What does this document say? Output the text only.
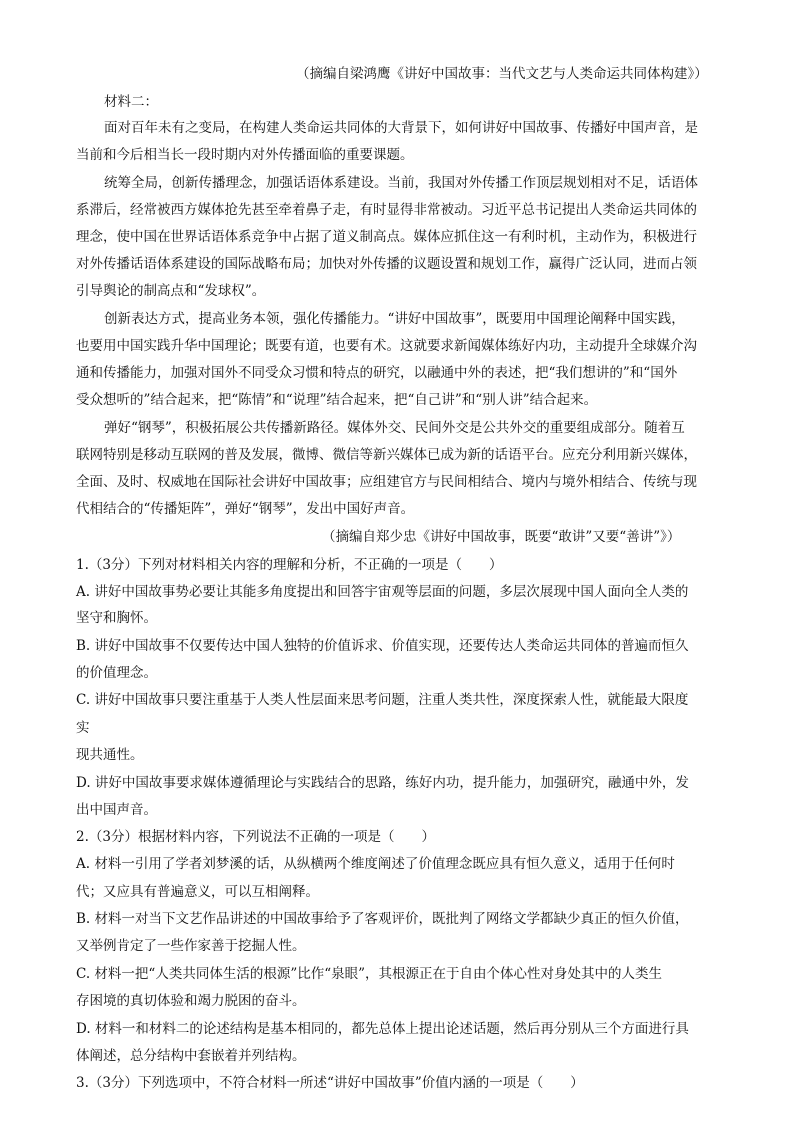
（摘编自梁鸿鹰《讲好中国故事：当代文艺与人类命运共同体构建》）
材料二：
面对百年未有之变局，在构建人类命运共同体的大背景下，如何讲好中国故事、传播好中国声音，是
当前和今后相当长一段时期内对外传播面临的重要课题。
统筹全局，创新传播理念，加强话语体系建设。当前，我国对外传播工作顶层规划相对不足，话语体
系滞后，经常被西方媒体抢先甚至牵着鼻子走，有时显得非常被动。习近平总书记提出人类命运共同体的
理念，使中国在世界话语体系竞争中占据了道义制高点。媒体应抓住这一有利时机，主动作为，积极进行
对外传播话语体系建设的国际战略布局；加快对外传播的议题设置和规划工作，赢得广泛认同，进而占领
引导舆论的制高点和“发球权”。
创新表达方式，提高业务本领，强化传播能力。“讲好中国故事”，既要用中国理论阐释中国实践，
也要用中国实践升华中国理论；既要有道，也要有术。这就要求新闻媒体练好内功，主动提升全球媒介沟
通和传播能力，加强对国外不同受众习惯和特点的研究，以融通中外的表述，把“我们想讲的”和“国外
受众想听的”结合起来，把“陈情”和“说理”结合起来，把“自己讲”和“别人讲”结合起来。
弹好“钢琴”，积极拓展公共传播新路径。媒体外交、民间外交是公共外交的重要组成部分。随着互
联网特别是移动互联网的普及发展，微博、微信等新兴媒体已成为新的话语平台。应充分利用新兴媒体，
全面、及时、权威地在国际社会讲好中国故事；应组建官方与民间相结合、境内与境外相结合、传统与现
代相结合的“传播矩阵”，弹好“钢琴”，发出中国好声音。
（摘编自郑少忠《讲好中国故事，既要“敢讲”又要“善讲”》）
1.（3分）下列对材料相关内容的理解和分析，不正确的一项是（　　）
A. 讲好中国故事势必要让其能多角度提出和回答宇宙观等层面的问题，多层次展现中国人面向全人类的
坚守和胸怀。
B. 讲好中国故事不仅要传达中国人独特的价值诉求、价值实现，还要传达人类命运共同体的普遍而恒久
的价值理念。
C. 讲好中国故事只要注重基于人类人性层面来思考问题，注重人类共性，深度探索人性，就能最大限度
实
现共通性。
D. 讲好中国故事要求媒体遵循理论与实践结合的思路，练好内功，提升能力，加强研究，融通中外，发
出中国声音。
2.（3分）根据材料内容，下列说法不正确的一项是（　　）
A. 材料一引用了学者刘梦溪的话，从纵横两个维度阐述了价值理念既应具有恒久意义，适用于任何时
代；又应具有普遍意义，可以互相阐释。
B. 材料一对当下文艺作品讲述的中国故事给予了客观评价，既批判了网络文学都缺少真正的恒久价值，
又举例肯定了一些作家善于挖掘人性。
C. 材料一把“人类共同体生活的根源”比作“泉眼”，其根源正在于自由个体心性对身处其中的人类生
存困境的真切体验和竭力脱困的奋斗。
D. 材料一和材料二的论述结构是基本相同的，都先总体上提出论述话题，然后再分别从三个方面进行具
体阐述，总分结构中套嵌着并列结构。
3.（3分）下列选项中，不符合材料一所述“讲好中国故事”价值内涵的一项是（　　）
